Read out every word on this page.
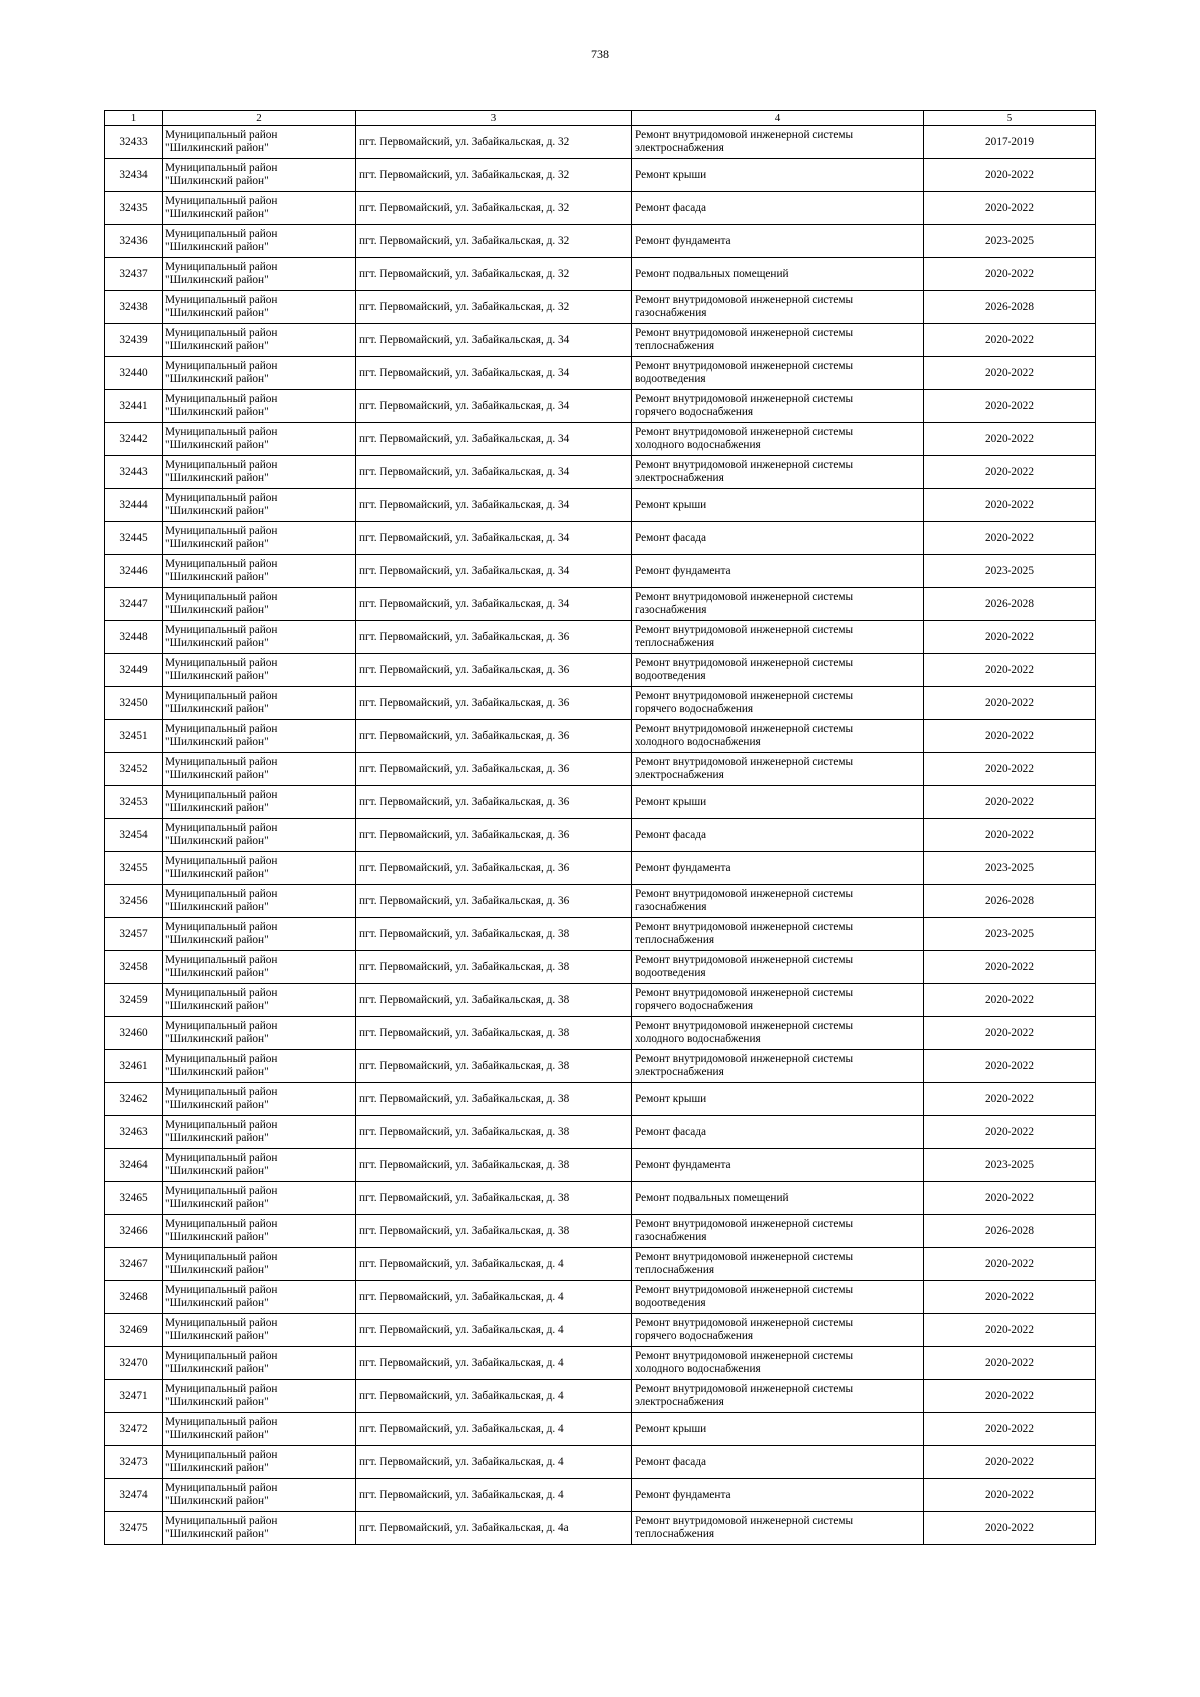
738
1	2	3	4	5
32433	Муниципальный район
"Шилкинский район"	пгт. Первомайский, ул. Забайкальская, д. 32	Ремонт внутридомовой инженерной системы
электроснабжения	2017-2019
32434	Муниципальный район
"Шилкинский район"	пгт. Первомайский, ул. Забайкальская, д. 32	Ремонт крыши	2020-2022
32435	Муниципальный район
"Шилкинский район"	пгт. Первомайский, ул. Забайкальская, д. 32	Ремонт фасада	2020-2022
32436	Муниципальный район
"Шилкинский район"	пгт. Первомайский, ул. Забайкальская, д. 32	Ремонт фундамента	2023-2025
32437	Муниципальный район
"Шилкинский район"	пгт. Первомайский, ул. Забайкальская, д. 32	Ремонт подвальных помещений	2020-2022
32438	Муниципальный район
"Шилкинский район"	пгт. Первомайский, ул. Забайкальская, д. 32	Ремонт внутридомовой инженерной системы
газоснабжения	2026-2028
32439	Муниципальный район
"Шилкинский район"	пгт. Первомайский, ул. Забайкальская, д. 34	Ремонт внутридомовой инженерной системы
теплоснабжения	2020-2022
32440	Муниципальный район
"Шилкинский район"	пгт. Первомайский, ул. Забайкальская, д. 34	Ремонт внутридомовой инженерной системы
водоотведения	2020-2022
32441	Муниципальный район
"Шилкинский район"	пгт. Первомайский, ул. Забайкальская, д. 34	Ремонт внутридомовой инженерной системы
горячего водоснабжения	2020-2022
32442	Муниципальный район
"Шилкинский район"	пгт. Первомайский, ул. Забайкальская, д. 34	Ремонт внутридомовой инженерной системы
холодного водоснабжения	2020-2022
32443	Муниципальный район
"Шилкинский район"	пгт. Первомайский, ул. Забайкальская, д. 34	Ремонт внутридомовой инженерной системы
электроснабжения	2020-2022
32444	Муниципальный район
"Шилкинский район"	пгт. Первомайский, ул. Забайкальская, д. 34	Ремонт крыши	2020-2022
32445	Муниципальный район
"Шилкинский район"	пгт. Первомайский, ул. Забайкальская, д. 34	Ремонт фасада	2020-2022
32446	Муниципальный район
"Шилкинский район"	пгт. Первомайский, ул. Забайкальская, д. 34	Ремонт фундамента	2023-2025
32447	Муниципальный район
"Шилкинский район"	пгт. Первомайский, ул. Забайкальская, д. 34	Ремонт внутридомовой инженерной системы
газоснабжения	2026-2028
32448	Муниципальный район
"Шилкинский район"	пгт. Первомайский, ул. Забайкальская, д. 36	Ремонт внутридомовой инженерной системы
теплоснабжения	2020-2022
32449	Муниципальный район
"Шилкинский район"	пгт. Первомайский, ул. Забайкальская, д. 36	Ремонт внутридомовой инженерной системы
водоотведения	2020-2022
32450	Муниципальный район
"Шилкинский район"	пгт. Первомайский, ул. Забайкальская, д. 36	Ремонт внутридомовой инженерной системы
горячего водоснабжения	2020-2022
32451	Муниципальный район
"Шилкинский район"	пгт. Первомайский, ул. Забайкальская, д. 36	Ремонт внутридомовой инженерной системы
холодного водоснабжения	2020-2022
32452	Муниципальный район
"Шилкинский район"	пгт. Первомайский, ул. Забайкальская, д. 36	Ремонт внутридомовой инженерной системы
электроснабжения	2020-2022
32453	Муниципальный район
"Шилкинский район"	пгт. Первомайский, ул. Забайкальская, д. 36	Ремонт крыши	2020-2022
32454	Муниципальный район
"Шилкинский район"	пгт. Первомайский, ул. Забайкальская, д. 36	Ремонт фасада	2020-2022
32455	Муниципальный район
"Шилкинский район"	пгт. Первомайский, ул. Забайкальская, д. 36	Ремонт фундамента	2023-2025
32456	Муниципальный район
"Шилкинский район"	пгт. Первомайский, ул. Забайкальская, д. 36	Ремонт внутридомовой инженерной системы
газоснабжения	2026-2028
32457	Муниципальный район
"Шилкинский район"	пгт. Первомайский, ул. Забайкальская, д. 38	Ремонт внутридомовой инженерной системы
теплоснабжения	2023-2025
32458	Муниципальный район
"Шилкинский район"	пгт. Первомайский, ул. Забайкальская, д. 38	Ремонт внутридомовой инженерной системы
водоотведения	2020-2022
32459	Муниципальный район
"Шилкинский район"	пгт. Первомайский, ул. Забайкальская, д. 38	Ремонт внутридомовой инженерной системы
горячего водоснабжения	2020-2022
32460	Муниципальный район
"Шилкинский район"	пгт. Первомайский, ул. Забайкальская, д. 38	Ремонт внутридомовой инженерной системы
холодного водоснабжения	2020-2022
32461	Муниципальный район
"Шилкинский район"	пгт. Первомайский, ул. Забайкальская, д. 38	Ремонт внутридомовой инженерной системы
электроснабжения	2020-2022
32462	Муниципальный район
"Шилкинский район"	пгт. Первомайский, ул. Забайкальская, д. 38	Ремонт крыши	2020-2022
32463	Муниципальный район
"Шилкинский район"	пгт. Первомайский, ул. Забайкальская, д. 38	Ремонт фасада	2020-2022
32464	Муниципальный район
"Шилкинский район"	пгт. Первомайский, ул. Забайкальская, д. 38	Ремонт фундамента	2023-2025
32465	Муниципальный район
"Шилкинский район"	пгт. Первомайский, ул. Забайкальская, д. 38	Ремонт подвальных помещений	2020-2022
32466	Муниципальный район
"Шилкинский район"	пгт. Первомайский, ул. Забайкальская, д. 38	Ремонт внутридомовой инженерной системы
газоснабжения	2026-2028
32467	Муниципальный район
"Шилкинский район"	пгт. Первомайский, ул. Забайкальская, д. 4	Ремонт внутридомовой инженерной системы
теплоснабжения	2020-2022
32468	Муниципальный район
"Шилкинский район"	пгт. Первомайский, ул. Забайкальская, д. 4	Ремонт внутридомовой инженерной системы
водоотведения	2020-2022
32469	Муниципальный район
"Шилкинский район"	пгт. Первомайский, ул. Забайкальская, д. 4	Ремонт внутридомовой инженерной системы
горячего водоснабжения	2020-2022
32470	Муниципальный район
"Шилкинский район"	пгт. Первомайский, ул. Забайкальская, д. 4	Ремонт внутридомовой инженерной системы
холодного водоснабжения	2020-2022
32471	Муниципальный район
"Шилкинский район"	пгт. Первомайский, ул. Забайкальская, д. 4	Ремонт внутридомовой инженерной системы
электроснабжения	2020-2022
32472	Муниципальный район
"Шилкинский район"	пгт. Первомайский, ул. Забайкальская, д. 4	Ремонт крыши	2020-2022
32473	Муниципальный район
"Шилкинский район"	пгт. Первомайский, ул. Забайкальская, д. 4	Ремонт фасада	2020-2022
32474	Муниципальный район
"Шилкинский район"	пгт. Первомайский, ул. Забайкальская, д. 4	Ремонт фундамента	2020-2022
32475	Муниципальный район
"Шилкинский район"	пгт. Первомайский, ул. Забайкальская, д. 4а	Ремонт внутридомовой инженерной системы
теплоснабжения	2020-2022
